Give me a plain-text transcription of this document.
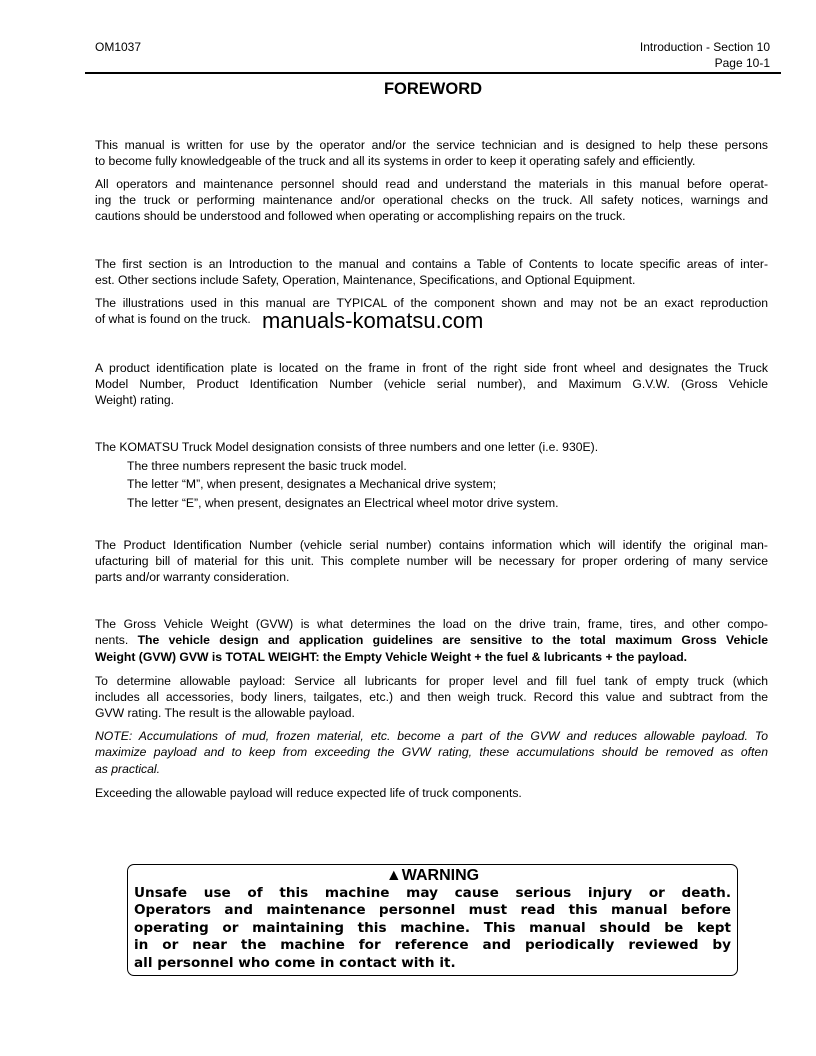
OM1037	Introduction - Section 10
Page 10-1
FOREWORD
This manual is written for use by the operator and/or the service technician and is designed to help these persons
to become fully knowledgeable of the truck and all its systems in order to keep it operating safely and efficiently.
All operators and maintenance personnel should read and understand the materials in this manual before operat-
ing the truck or performing maintenance and/or operational checks on the truck. All safety notices, warnings and
cautions should be understood and followed when operating or accomplishing repairs on the truck.
The first section is an Introduction to the manual and contains a Table of Contents to locate specific areas of inter-
est. Other sections include Safety, Operation, Maintenance, Specifications, and Optional Equipment.
The illustrations used in this manual are TYPICAL of the component shown and may not be an exact reproduction
of what is found on the truck. manuals-komatsu.com
A product identification plate is located on the frame in front of the right side front wheel and designates the Truck
Model Number, Product Identification Number (vehicle serial number), and Maximum G.V.W. (Gross Vehicle
Weight) rating.
The KOMATSU Truck Model designation consists of three numbers and one letter (i.e. 930E).
The three numbers represent the basic truck model.
The letter “M”, when present, designates a Mechanical drive system;
The letter “E”, when present, designates an Electrical wheel motor drive system.
The Product Identification Number (vehicle serial number) contains information which will identify the original man-
ufacturing bill of material for this unit. This complete number will be necessary for proper ordering of many service
parts and/or warranty consideration.
The Gross Vehicle Weight (GVW) is what determines the load on the drive train, frame, tires, and other compo-
nents. The vehicle design and application guidelines are sensitive to the total maximum Gross Vehicle
Weight (GVW) GVW is TOTAL WEIGHT: the Empty Vehicle Weight + the fuel & lubricants + the payload.
To determine allowable payload: Service all lubricants for proper level and fill fuel tank of empty truck (which
includes all accessories, body liners, tailgates, etc.) and then weigh truck. Record this value and subtract from the
GVW rating. The result is the allowable payload.
NOTE: Accumulations of mud, frozen material, etc. become a part of the GVW and reduces allowable payload. To
maximize payload and to keep from exceeding the GVW rating, these accumulations should be removed as often
as practical.
Exceeding the allowable payload will reduce expected life of truck components.
▲WARNING
Unsafe use of this machine may cause serious injury or death.
Operators and maintenance personnel must read this manual before
operating or maintaining this machine. This manual should be kept
in or near the machine for reference and periodically reviewed by
all personnel who come in contact with it.
